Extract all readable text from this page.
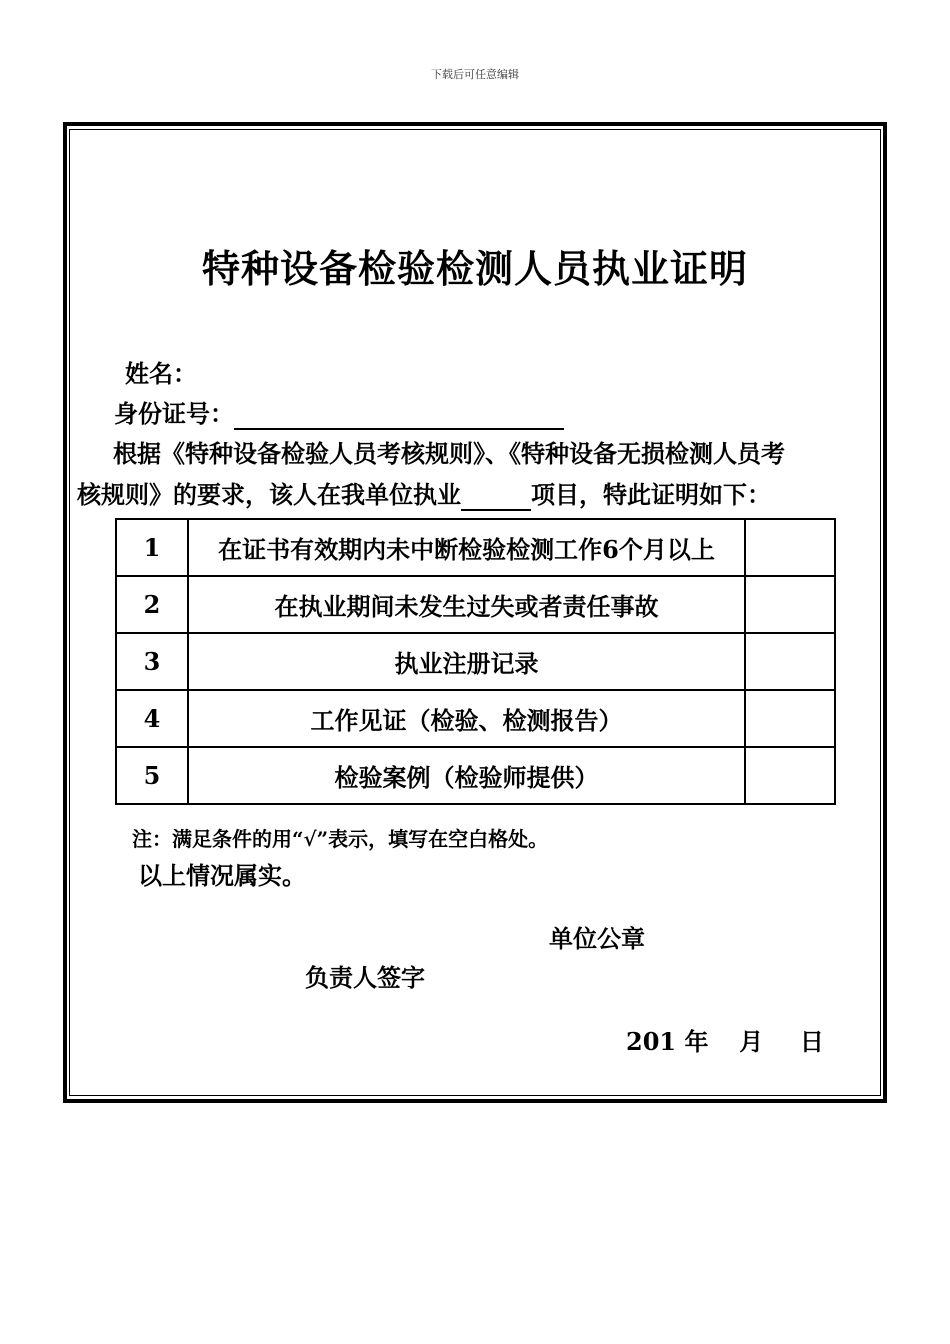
下载后可任意编辑
特种设备检验检测人员执业证明
姓名：
身份证号：
根据《特种设备检验人员考核规则》、《特种设备无损检测人员考
核规则》的要求，该人在我单位执业	项目，特此证明如下：
1	在证书有效期内未中断检验检测工作6个月以上	
2	在执业期间未发生过失或者责任事故	
3	执业注册记录	
4	工作见证（检验、检测报告）	
5	检验案例（检验师提供）	
注：满足条件的用“√”表示，填写在空白格处。
以上情况属实。
单位公章
负责人签字
201 年 月 日
